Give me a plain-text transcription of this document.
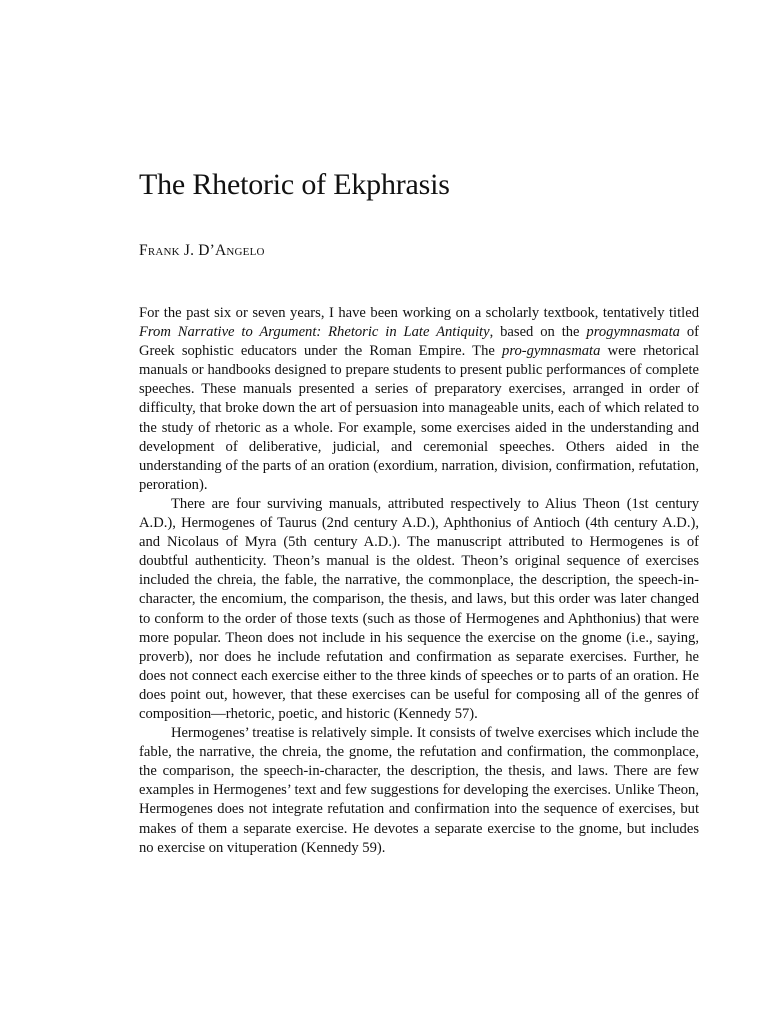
The Rhetoric of Ekphrasis
Frank J. D’Angelo

For the past six or seven years, I have been working on a scholarly textbook, tentatively titled From Narrative to Argument: Rhetoric in Late Antiquity, based on the progymnasmata of Greek sophistic educators under the Roman Empire. The pro-gymnasmata were rhetorical manuals or handbooks designed to prepare students to present public performances of complete speeches. These manuals presented a series of preparatory exercises, arranged in order of difficulty, that broke down the art of persuasion into manageable units, each of which related to the study of rhetoric as a whole. For example, some exercises aided in the understanding and development of deliberative, judicial, and ceremonial speeches. Others aided in the understanding of the parts of an oration (exordium, narration, division, confirmation, refutation, peroration).

There are four surviving manuals, attributed respectively to Alius Theon (1st century A.D.), Hermogenes of Taurus (2nd century A.D.), Aphthonius of Antioch (4th century A.D.), and Nicolaus of Myra (5th century A.D.). The manuscript attributed to Hermogenes is of doubtful authenticity. Theon’s manual is the oldest. Theon’s original sequence of exercises included the chreia, the fable, the narrative, the commonplace, the description, the speech-in-character, the encomium, the comparison, the thesis, and laws, but this order was later changed to conform to the order of those texts (such as those of Hermogenes and Aphthonius) that were more popular. Theon does not include in his sequence the exercise on the gnome (i.e., saying, proverb), nor does he include refutation and confirmation as separate exercises. Further, he does not connect each exercise either to the three kinds of speeches or to parts of an oration. He does point out, however, that these exercises can be useful for composing all of the genres of composition—rhetoric, poetic, and historic (Kennedy 57).

Hermogenes’ treatise is relatively simple. It consists of twelve exercises which include the fable, the narrative, the chreia, the gnome, the refutation and confirmation, the commonplace, the comparison, the speech-in-character, the description, the thesis, and laws. There are few examples in Hermogenes’ text and few suggestions for developing the exercises. Unlike Theon, Hermogenes does not integrate refutation and confirmation into the sequence of exercises, but makes of them a separate exercise. He devotes a separate exercise to the gnome, but includes no exercise on vituperation (Kennedy 59).
